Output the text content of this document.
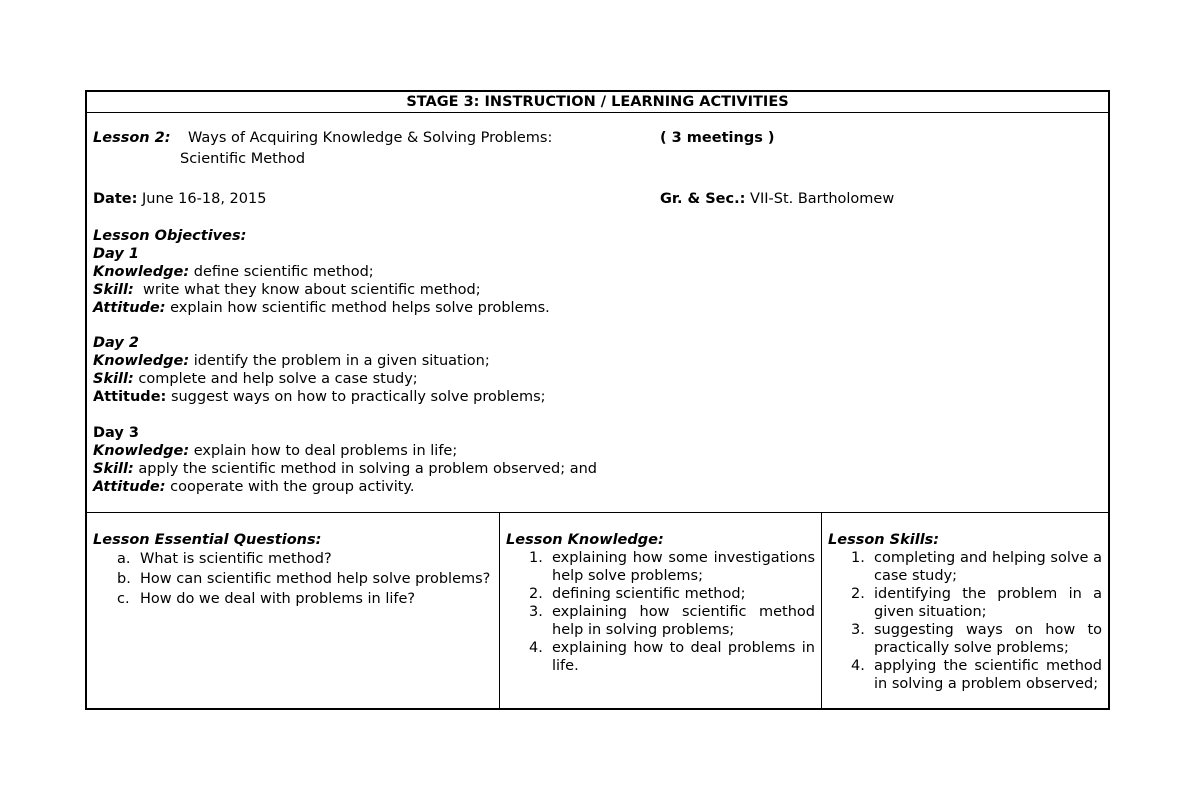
STAGE 3: INSTRUCTION / LEARNING ACTIVITIES
Lesson 2: Ways of Acquiring Knowledge & Solving Problems:
Scientific Method
( 3 meetings )
Date: June 16-18, 2015	Gr. & Sec.: VII-St. Bartholomew
Lesson Objectives:
Day 1
Knowledge: define scientific method;
Skill: write what they know about scientific method;
Attitude: explain how scientific method helps solve problems.
Day 2
Knowledge: identify the problem in a given situation;
Skill: complete and help solve a case study;
Attitude: suggest ways on how to practically solve problems;
Day 3
Knowledge: explain how to deal problems in life;
Skill: apply the scientific method in solving a problem observed; and
Attitude: cooperate with the group activity.
Lesson Essential Questions:
a. What is scientific method?
b. How can scientific method help solve problems?
c. How do we deal with problems in life?
Lesson Knowledge:
1. explaining how some investigations help solve problems;
2. defining scientific method;
3. explaining how scientific method help in solving problems;
4. explaining how to deal problems in life.
Lesson Skills:
1. completing and helping solve a case study;
2. identifying the problem in a given situation;
3. suggesting ways on how to practically solve problems;
4. applying the scientific method in solving a problem observed;
